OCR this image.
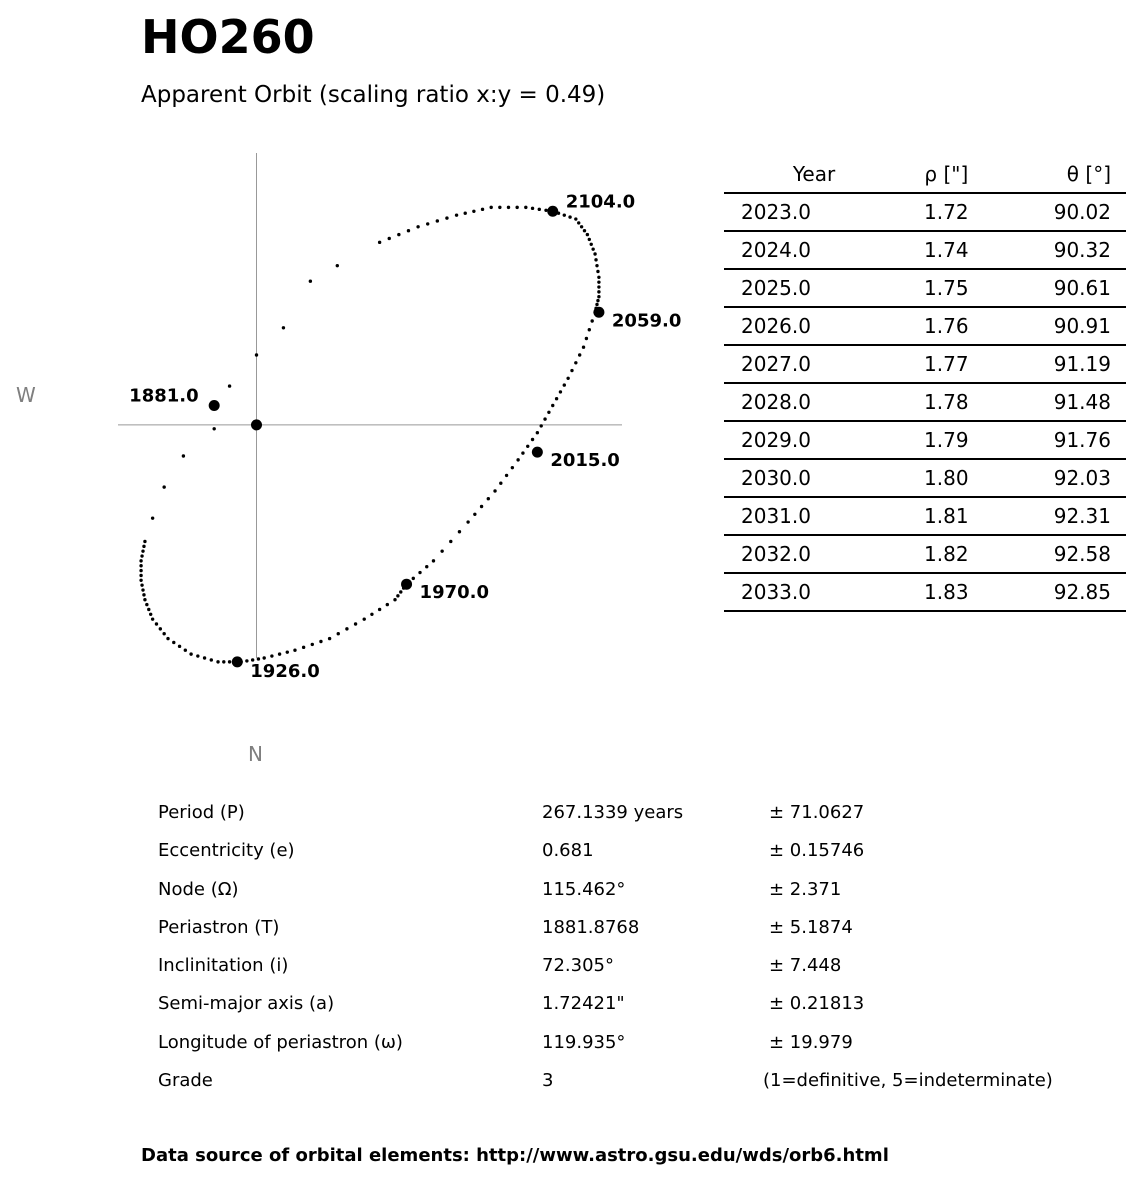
HO260
Apparent Orbit (scaling ratio x:y = 0.49)
1881.0
1926.0
1970.0
2015.0
2059.0
2104.0
W
N
Year	ρ ["]	θ [°]
2023.0	1.72	90.02
2024.0	1.74	90.32
2025.0	1.75	90.61
2026.0	1.76	90.91
2027.0	1.77	91.19
2028.0	1.78	91.48
2029.0	1.79	91.76
2030.0	1.80	92.03
2031.0	1.81	92.31
2032.0	1.82	92.58
2033.0	1.83	92.85
Period (P)	267.1339 years	± 71.0627
Eccentricity (e)	0.681	± 0.15746
Node (Ω)	115.462°	± 2.371
Periastron (T)	1881.8768	± 5.1874
Inclinitation (i)	72.305°	± 7.448
Semi-major axis (a)	1.72421"	± 0.21813
Longitude of periastron (ω)	119.935°	± 19.979
Grade	3	(1=definitive, 5=indeterminate)
Data source of orbital elements: http://www.astro.gsu.edu/wds/orb6.html
